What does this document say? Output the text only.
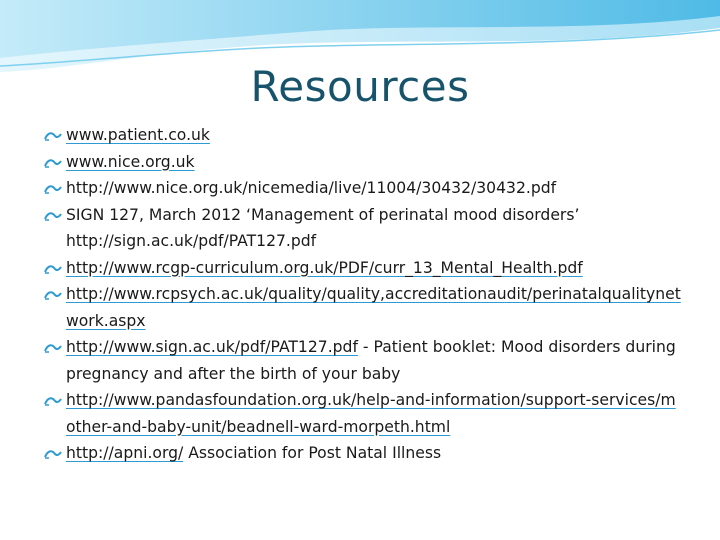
Resources
www.patient.co.uk
www.nice.org.uk
http://www.nice.org.uk/nicemedia/live/11004/30432/30432.pdf
SIGN 127, March 2012 ‘Management of perinatal mood disorders’ http://sign.ac.uk/pdf/PAT127.pdf
http://www.rcgp-curriculum.org.uk/PDF/curr_13_Mental_Health.pdf
http://www.rcpsych.ac.uk/quality/quality,accreditationaudit/perinatalqualitynetwork.aspx
http://www.sign.ac.uk/pdf/PAT127.pdf - Patient booklet: Mood disorders during pregnancy and after the birth of your baby
http://www.pandasfoundation.org.uk/help-and-information/support-services/mother-and-baby-unit/beadnell-ward-morpeth.html
http://apni.org/ Association for Post Natal Illness
